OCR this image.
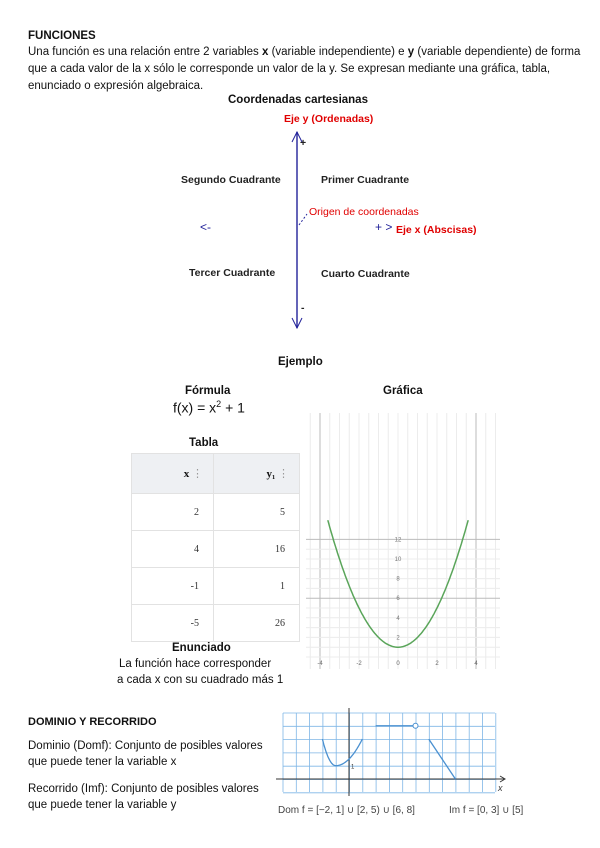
FUNCIONES
Una función es una relación entre 2 variables x (variable independiente) e y (variable dependiente) de forma
que a cada valor de la x sólo le corresponde un valor de la y. Se expresan mediante una gráfica, tabla,
enunciado o expresión algebraica.
Coordenadas cartesianas
Eje y (Ordenadas)
+
Segundo Cuadrante	Primer Cuadrante
Origen de coordenadas
<-	+ > Eje x (Abscisas)
Tercer Cuadrante	Cuarto Cuadrante
-
Ejemplo
Fórmula
$f(x) = x^2 + 1$
Gráfica
Tabla
x ⋮	y₁ ⋮
2	5
4	16
-1	1
-5	26
Enunciado
La función hace corresponder
a cada x con su cuadrado más 1
-4	-2	0	2	4
12
10
8
6
4
2
DOMINIO Y RECORRIDO
Dominio (Domf): Conjunto de posibles valores
que puede tener la variable x
Recorrido (Imf): Conjunto de posibles valores
que puede tener la variable y
x
1
Dom f = [−2, 1] ∪ [2, 5) ∪ [6, 8]	Im f = [0, 3] ∪ [5]
